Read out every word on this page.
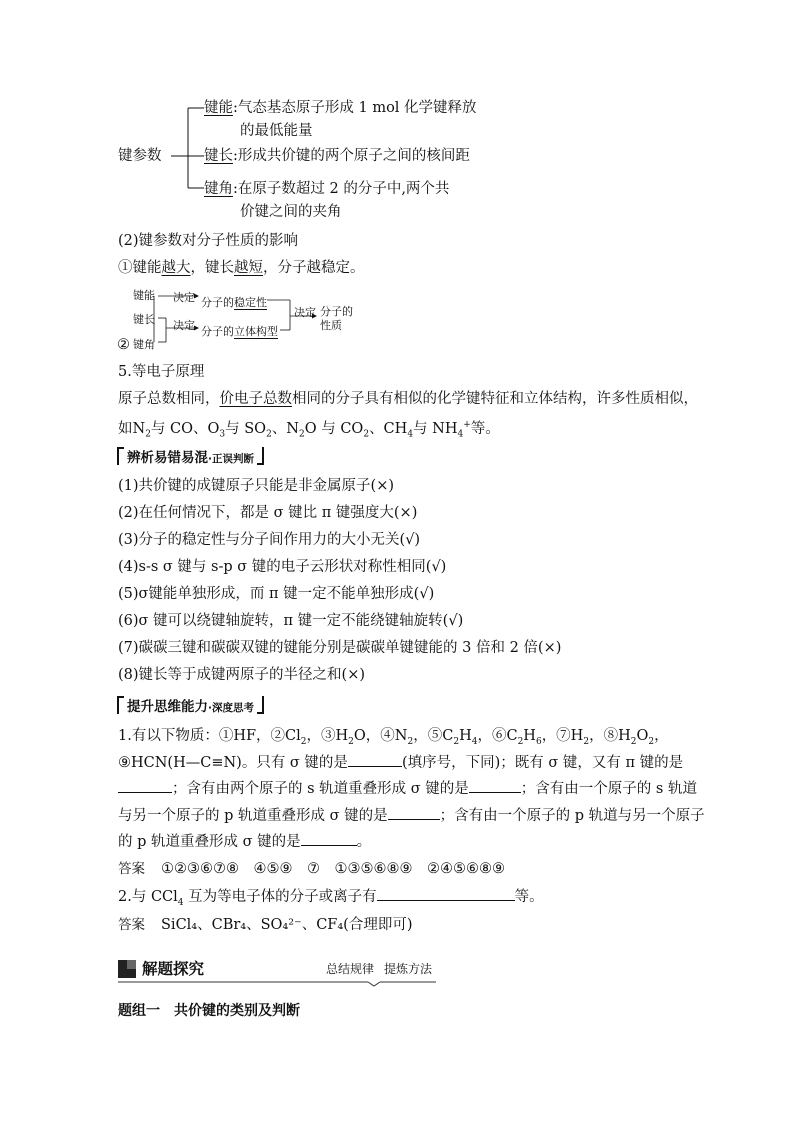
键参数
键能:气态基态原子形成 1 mol 化学键释放
的最低能量
键长:形成共价键的两个原子之间的核间距
键角:在原子数超过 2 的分子中,两个共
价键之间的夹角
(2)键参数对分子性质的影响
①键能越大，键长越短，分子越稳定。
键能
键长
② 键角
决定
决定
决定
分子的稳定性
分子的立体构型
分子的
性质
5.等电子原理
原子总数相同，价电子总数相同的分子具有相似的化学键特征和立体结构，许多性质相似，
如$N_2$与 CO、$O_3$与 $SO_2$、$N_2O$ 与 $CO_2$、$CH_4$与 $NH_4^+$等。
辨析易错易混·正误判断
(1)共价键的成键原子只能是非金属原子(×)
(2)在任何情况下，都是 σ 键比 π 键强度大(×)
(3)分子的稳定性与分子间作用力的大小无关(√)
(4)s-s σ 键与 s-p σ 键的电子云形状对称性相同(√)
(5)σ键能单独形成，而 π 键一定不能单独形成(√)
(6)σ 键可以绕键轴旋转，π 键一定不能绕键轴旋转(√)
(7)碳碳三键和碳碳双键的键能分别是碳碳单键键能的 3 倍和 2 倍(×)
(8)键长等于成键两原子的半径之和(×)
提升思维能力·深度思考
1.有以下物质：①HF，$②Cl_2$，$③H_2O$，$④N_2$，$⑤C_2H_4$，$⑥C_2H_6$，$⑦H_2$，$⑧H_2O_2$，
⑨HCN(H—C≡N)。只有 σ 键的是	(填序号，下同)；既有 σ 键，又有 π 键的是
；含有由两个原子的 s 轨道重叠形成 σ 键的是	；含有由一个原子的 s 轨道
与另一个原子的 p 轨道重叠形成 σ 键的是	；含有由一个原子的 p 轨道与另一个原子
的 p 轨道重叠形成 σ 键的是	。
答案 ①②③⑥⑦⑧　④⑤⑨　⑦　①③⑤⑥⑧⑨　②④⑤⑥⑧⑨
2.与 CCl$_4$ 互为等电子体的分子或离子有	等。
答案 SiCl₄、CBr₄、SO₄²⁻、CF₄(合理即可)
解题探究	总结规律 提炼方法
题组一　共价键的类别及判断
